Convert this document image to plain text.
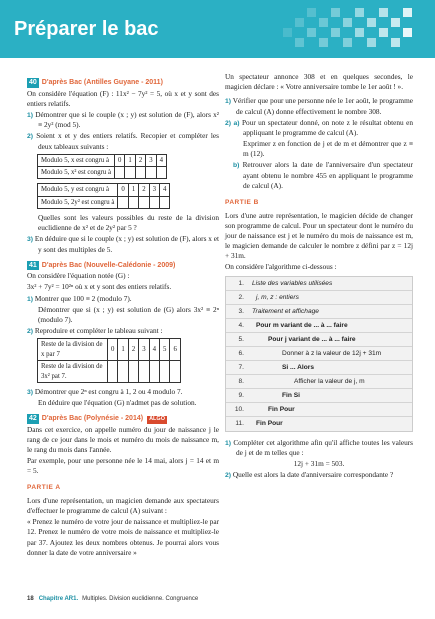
Préparer le bac
40 D'après Bac (Antilles Guyane - 2011)

On considère l'équation (F) : 11x² − 7y² = 5, où x et y sont des entiers relatifs.

1) Démontrer que si le couple (x ; y) est solution de (F), alors x² ≡ 2y² (mod 5).

2) Soient x et y des entiers relatifs. Recopier et compléter les deux tableaux suivants :

Modulo 5, x est congru à	0	1	2	3	4
Modulo 5, x² est congru à					
Modulo 5, y est congru à	0	1	2	3	4
Modulo 5, 2y² est congru à					

Quelles sont les valeurs possibles du reste de la division euclidienne de x² et de 2y² par 5 ?

3) En déduire que si le couple (x ; y) est solution de (F), alors x et y sont des multiples de 5.

41 D'après Bac (Nouvelle-Calédonie - 2009)

On considère l'équation notée (G) :

3x² + 7y² = 10²ⁿ où x et y sont des entiers relatifs.

1) Montrer que 100 ≡ 2 (modulo 7).

Démontrer que si (x ; y) est solution de (G) alors 3x² ≡ 2ⁿ (modulo 7).

2) Reproduire et compléter le tableau suivant :

Reste de la division de x par 7	0	1	2	3	4	5	6
Reste de la division de 3x² pat 7.							

3) Démontrer que 2ⁿ est congru à 1, 2 ou 4 modulo 7.

En déduire que l'équation (G) n'admet pas de solution.

42 D'après Bac (Polynésie - 2014) ALGO

Dans cet exercice, on appelle numéro du jour de naissance j le rang de ce jour dans le mois et numéro du mois de naissance m, le rang du mois dans l'année.

Par exemple, pour une personne née le 14 mai, alors j = 14 et m = 5.

PARTIE A

Lors d'une représentation, un magicien demande aux spectateurs d'effectuer le programme de calcul (A) suivant :

« Prenez le numéro de votre jour de naissance et multipliez-le par 12. Prenez le numéro de votre mois de naissance et multipliez-le par 37. Ajoutez les deux nombres obtenus. Je pourrai alors vous donner la date de votre anniversaire »

Un spectateur annonce 308 et en quelques secondes, le magicien déclare : « Votre anniversaire tombe le 1er août ! ».

1) Vérifier que pour une personne née le 1er août, le programme de calcul (A) donne effectivement le nombre 308.

2) a) Pour un spectateur donné, on note z le résultat obtenu en appliquant le programme de calcul (A).

Exprimer z en fonction de j et de m et démontrer que z ≡ m (12).

b) Retrouver alors la date de l'anniversaire d'un spectateur ayant obtenu le nombre 455 en appliquant le programme de calcul (A).

PARTIE B

Lors d'une autre représentation, le magicien décide de changer son programme de calcul. Pour un spectateur dont le numéro du jour de naissance est j et le numéro du mois de naissance est m, le magicien demande de calculer le nombre z défini par z = 12j + 31m.

On considère l'algorithme ci-dessous :

1.	Liste des variables utilisées
2.	j, m, z : entiers
3.	Traitement et affichage
4.	Pour m variant de ... à ... faire
5.	Pour j variant de ... à ... faire
6.	Donner à z la valeur de 12j + 31m
7.	Si ... Alors
8.	Afficher la valeur de j, m
9.	Fin Si
10.	Fin Pour
11.	Fin Pour

1) Compléter cet algorithme afin qu'il affiche toutes les valeurs de j et de m telles que :

12j + 31m = 503.

2) Quelle est alors la date d'anniversaire correspondante ?

18 Chapitre AR1. Multiples. Division euclidienne. Congruence
